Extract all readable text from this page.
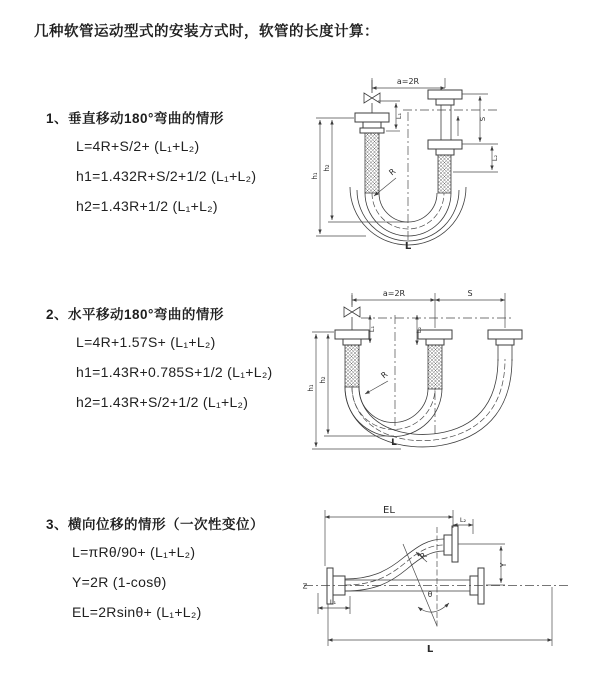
几种软管运动型式的安装方式时，软管的长度计算：
1、垂直移动180°弯曲的情形
L=4R+S/2+ (L₁+L₂)
h1=1.432R+S/2+1/2 (L₁+L₂)
h2=1.43R+1/2 (L₁+L₂)
2、水平移动180°弯曲的情形
L=4R+1.57S+ (L₁+L₂)
h1=1.43R+0.785S+1/2 (L₁+L₂)
h2=1.43R+S/2+1/2 (L₁+L₂)
3、横向位移的情形（一次性变位）
L=πRθ/90+ (L₁+L₂)
Y=2R (1-cosθ)
EL=2Rsinθ+ (L₁+L₂)
a=2R
h₁
h₂
L₁	S
L₂
R
L
a=2R	S
h₁
h₂
L₁	L₂
R
L
Z
EL
L₂
Y
R
θ
L₁
L
